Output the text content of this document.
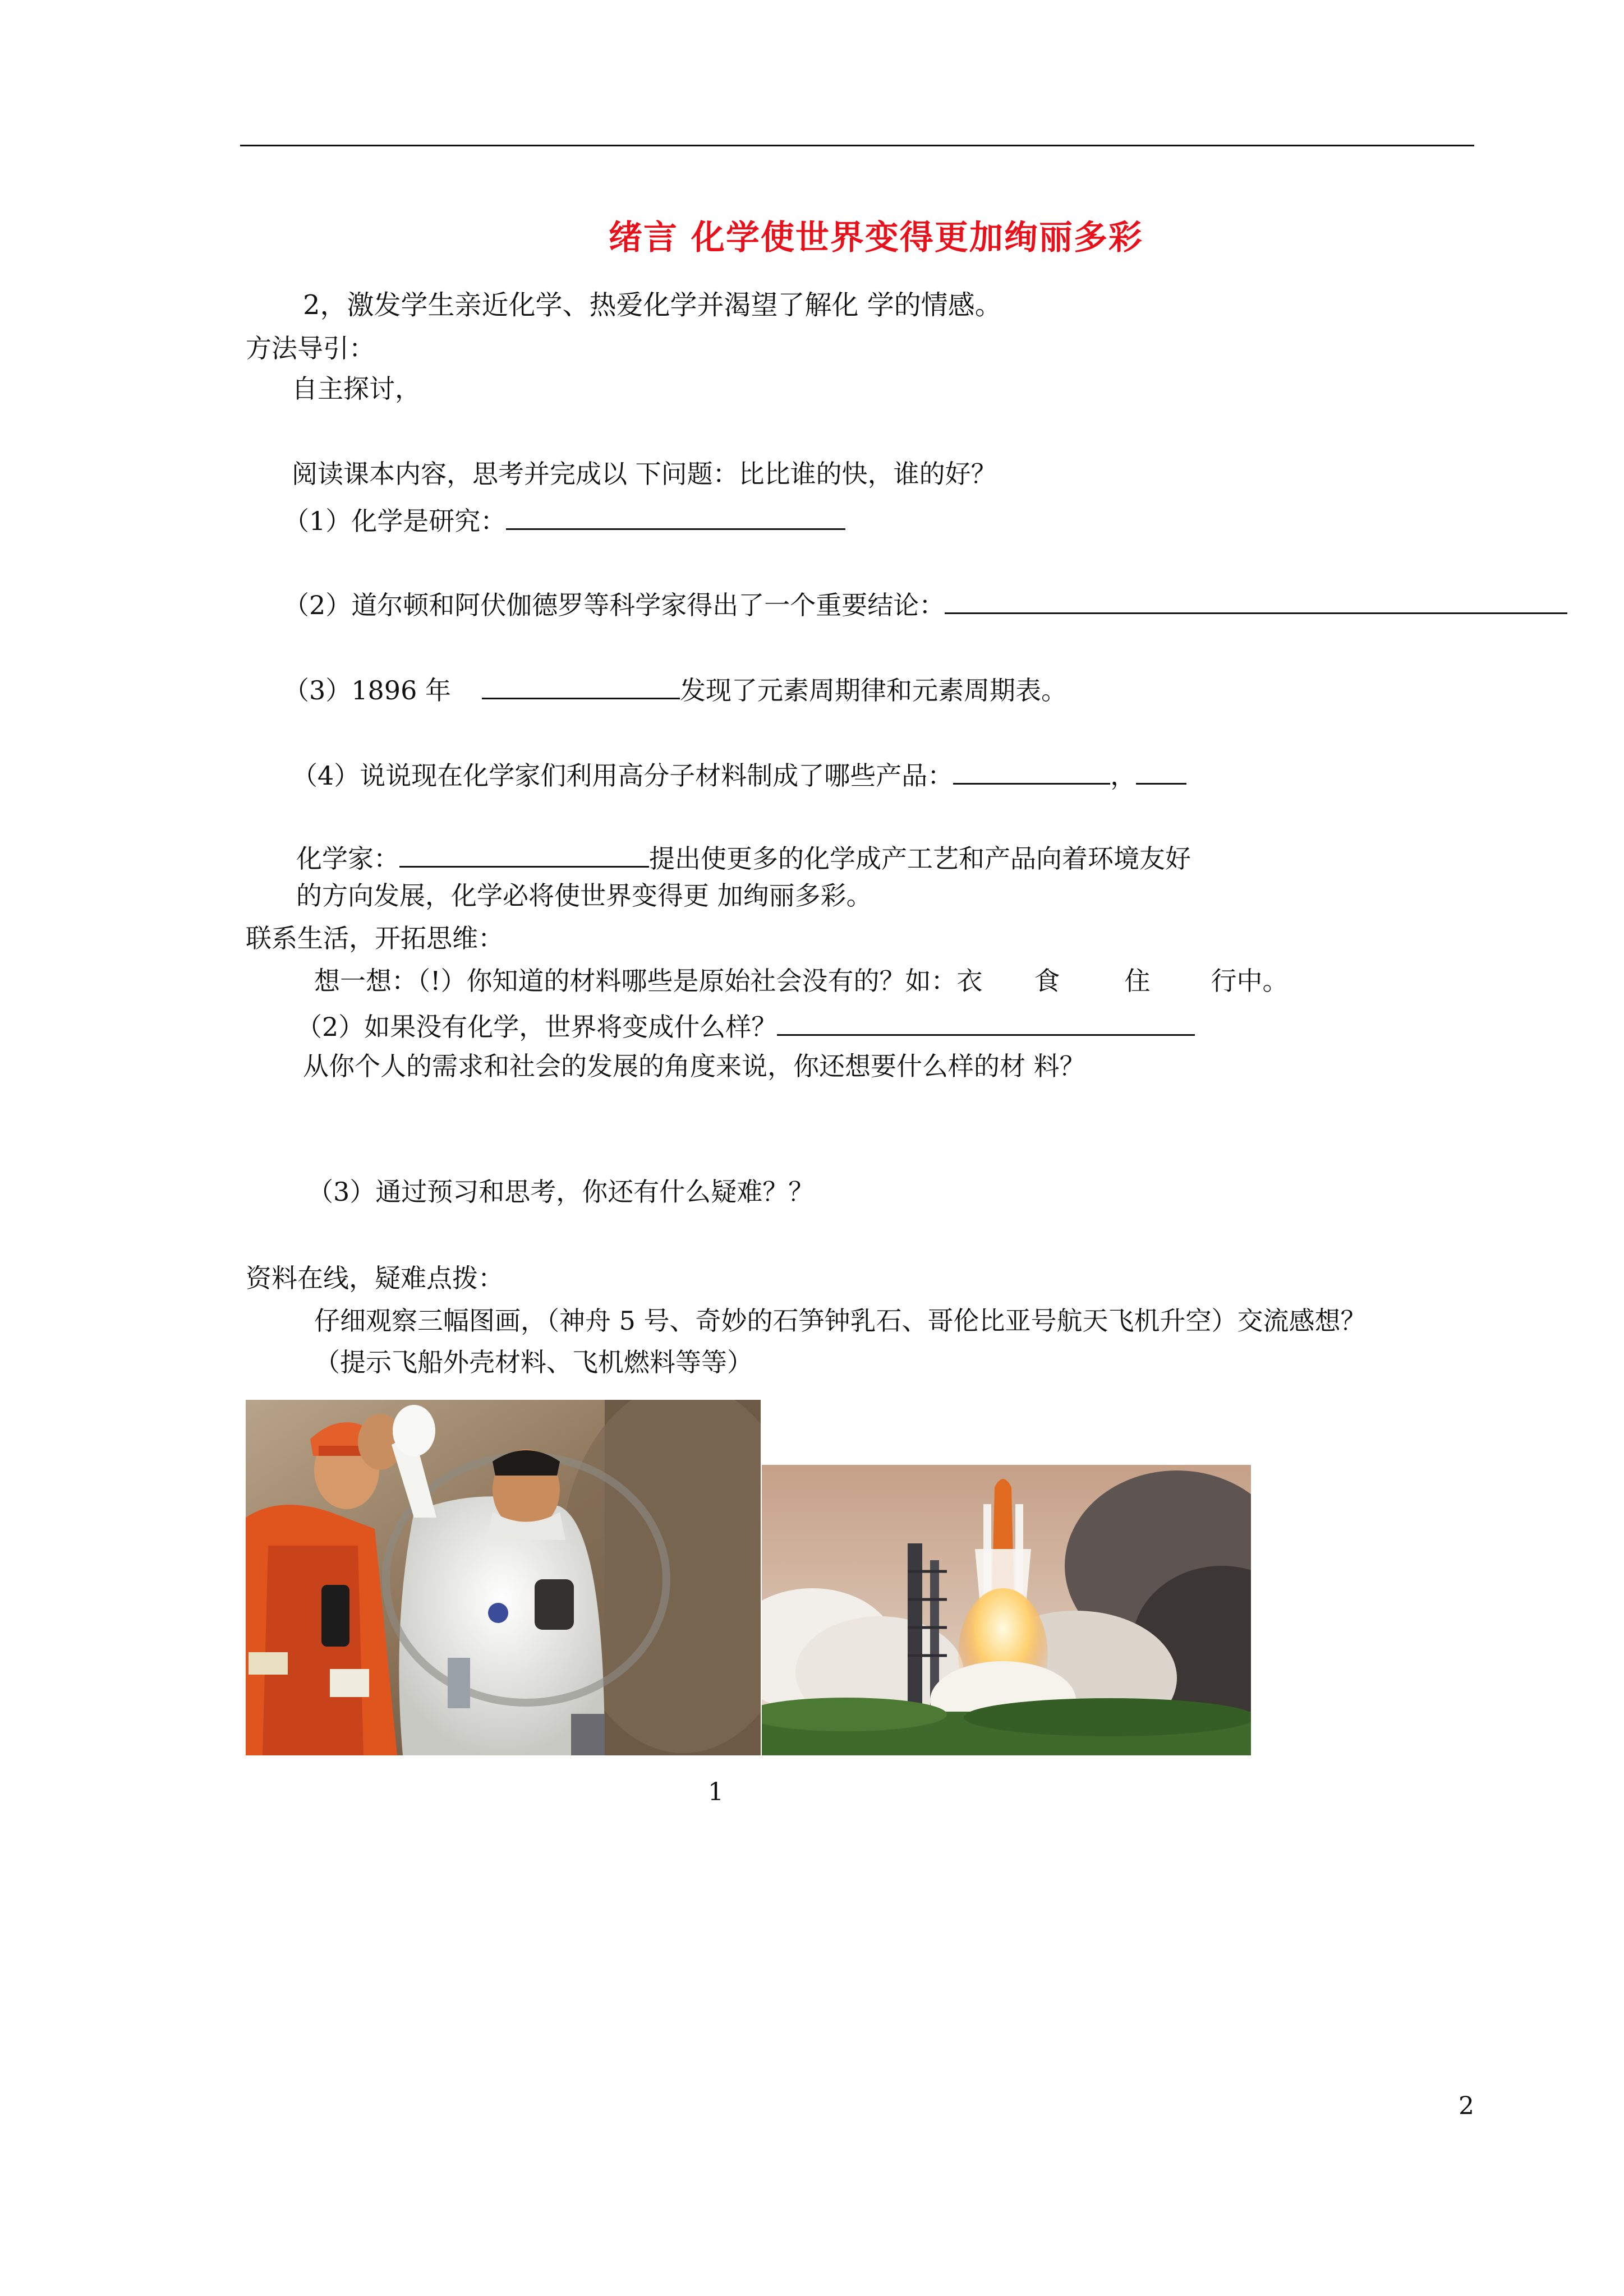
绪言 化学使世界变得更加绚丽多彩
2，激发学生亲近化学、热爱化学并渴望了解化 学的情感。
方法导引：
自主探讨，
阅读课本内容，思考并完成以 下问题：比比谁的快，谁的好？
（1）化学是研究：
（2）道尔顿和阿伏伽德罗等科学家得出了一个重要结论：
（3）1896 年	发现了元素周期律和元素周期表。
（4）说说现在化学家们利用高分子材料制成了哪些产品：	，
化学家：	提出使更多的化学成产工艺和产品向着环境友好
的方向发展，化学必将使世界变得更 加绚丽多彩。
联系生活，开拓思维：
想一想：（!）你知道的材料哪些是原始社会没有的？如：衣 食	住 行中。
（2）如果没有化学，世界将变成什么样？
从你个人的需求和社会的发展的角度来说，你还想要什么样的材 料？
（3）通过预习和思考，你还有什么疑难？？
资料在线，疑难点拨：
仔细观察三幅图画，（神舟 5 号、奇妙的石笋钟乳石、哥伦比亚号航天飞机升空）交流感想？
（提示飞船外壳材料、飞机燃料等等）
1
2
